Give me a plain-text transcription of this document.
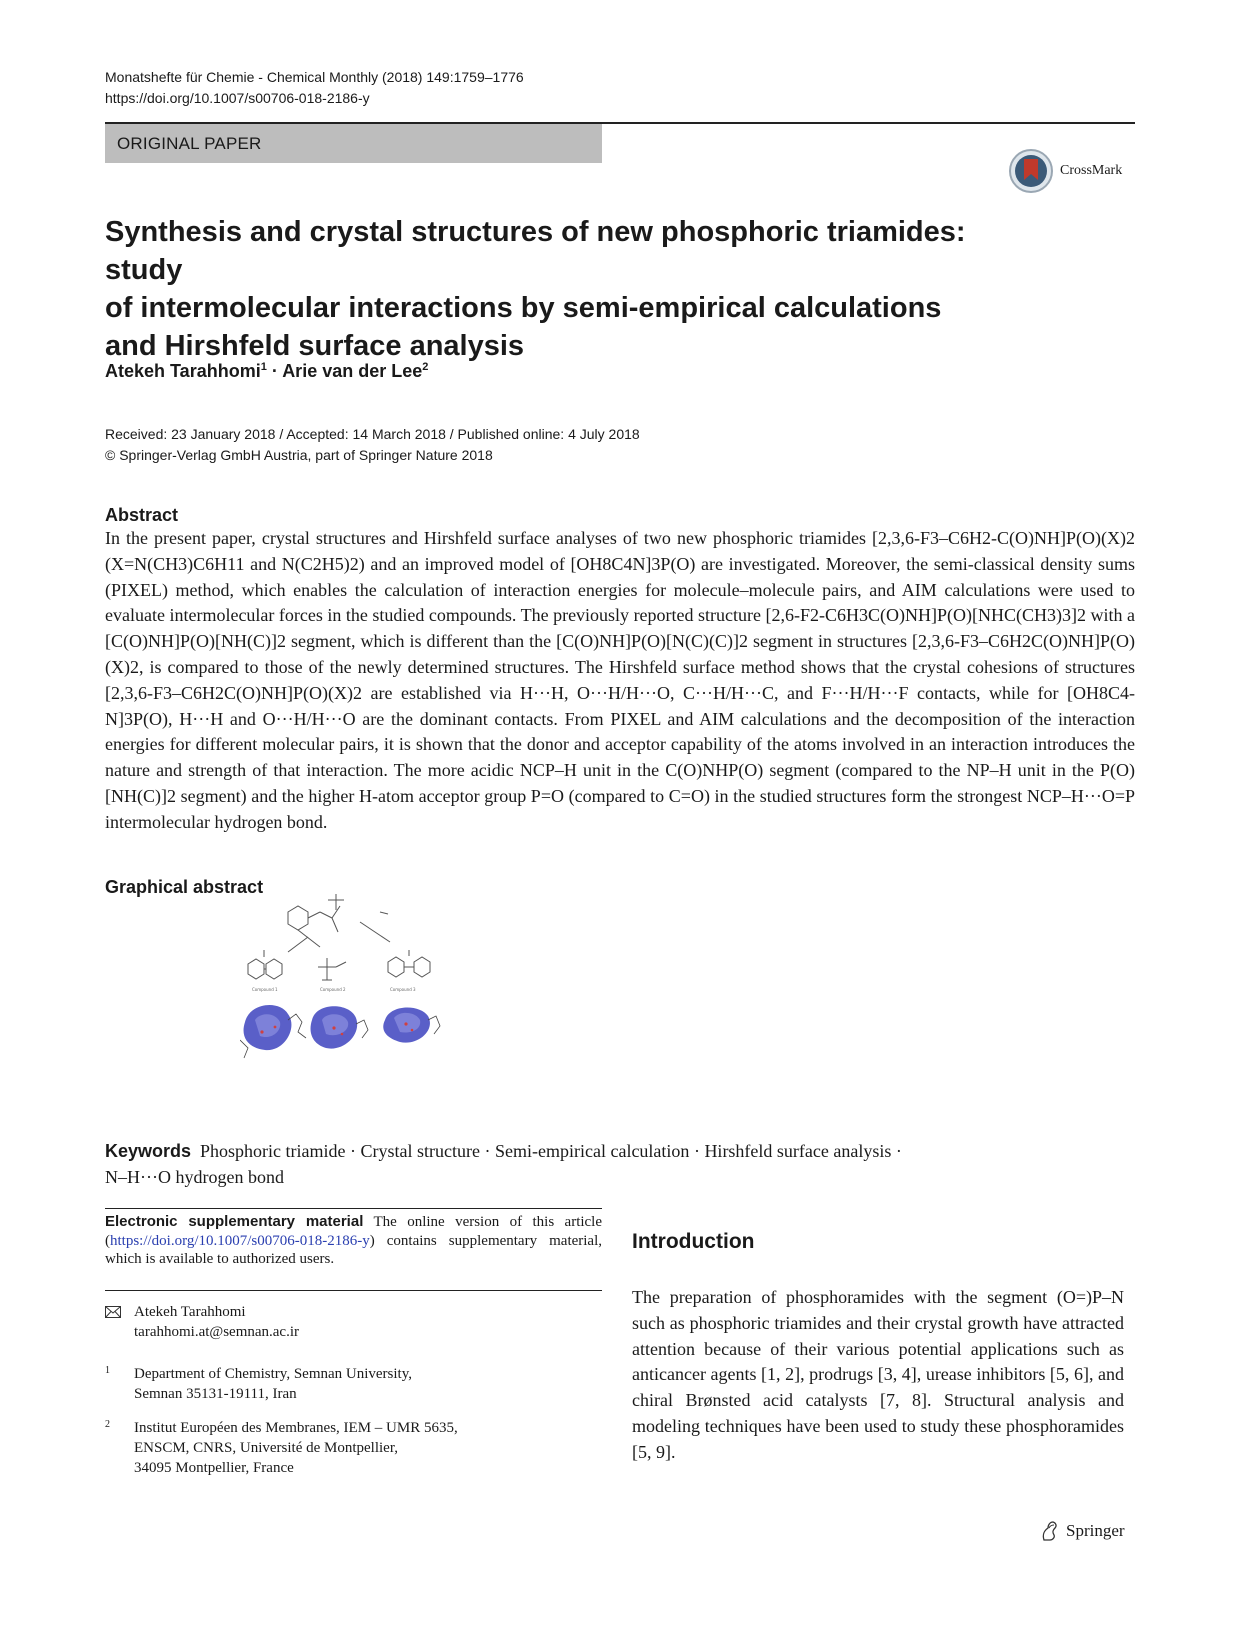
Monatshefte für Chemie - Chemical Monthly (2018) 149:1759–1776
https://doi.org/10.1007/s00706-018-2186-y
ORIGINAL PAPER
CrossMark
Synthesis and crystal structures of new phosphoric triamides: study
of intermolecular interactions by semi-empirical calculations
and Hirshfeld surface analysis
Atekeh Tarahhomi$^1$ · Arie van der Lee$^2$
Received: 23 January 2018 / Accepted: 14 March 2018 / Published online: 4 July 2018
© Springer-Verlag GmbH Austria, part of Springer Nature 2018
Abstract
In the present paper, crystal structures and Hirshfeld surface analyses of two new phosphoric triamides [2,3,6-F3–C6H2-C(O)NH]P(O)(X)2 (X=N(CH3)C6H11 and N(C2H5)2) and an improved model of [OH8C4N]3P(O) are investigated. Moreover, the semi-classical density sums (PIXEL) method, which enables the calculation of interaction energies for molecule–molecule pairs, and AIM calculations were used to evaluate intermolecular forces in the studied compounds. The previously reported structure [2,6-F2-C6H3C(O)NH]P(O)[NHC(CH3)3]2 with a [C(O)NH]P(O)[NH(C)]2 segment, which is different than the [C(O)NH]P(O)[N(C)(C)]2 segment in structures [2,3,6-F3–C6H2C(O)NH]P(O)(X)2, is compared to those of the newly determined structures. The Hirshfeld surface method shows that the crystal cohesions of structures [2,3,6-F3–C6H2C(O)NH]P(O)(X)2 are established via H···H, O···H/H···O, C···H/H···C, and F···H/H···F contacts, while for [OH8C4-N]3P(O), H···H and O···H/H···O are the dominant contacts. From PIXEL and AIM calculations and the decomposition of the interaction energies for different molecular pairs, it is shown that the donor and acceptor capability of the atoms involved in an interaction introduces the nature and strength of that interaction. The more acidic NCP–H unit in the C(O)NHP(O) segment (compared to the NP–H unit in the P(O)[NH(C)]2 segment) and the higher H-atom acceptor group P=O (compared to C=O) in the studied structures form the strongest NCP–H···O=P intermolecular hydrogen bond.
Graphical abstract
Compound 1	Compound 2	Compound 3
Keywords Phosphoric triamide · Crystal structure · Semi-empirical calculation · Hirshfeld surface analysis ·
N–H···O hydrogen bond
Electronic supplementary material The online version of this article (https://doi.org/10.1007/s00706-018-2186-y) contains supplementary material, which is available to authorized users.
Atekeh Tarahhomi
tarahhomi.at@semnan.ac.ir
1 Department of Chemistry, Semnan University,
Semnan 35131-19111, Iran
2 Institut Européen des Membranes, IEM – UMR 5635,
ENSCM, CNRS, Université de Montpellier,
34095 Montpellier, France
Introduction
The preparation of phosphoramides with the segment (O=)P–N such as phosphoric triamides and their crystal growth have attracted attention because of their various potential applications such as anticancer agents [1, 2], prodrugs [3, 4], urease inhibitors [5, 6], and chiral Brønsted acid catalysts [7, 8]. Structural analysis and modeling techniques have been used to study these phosphoramides [5, 9].
Springer
